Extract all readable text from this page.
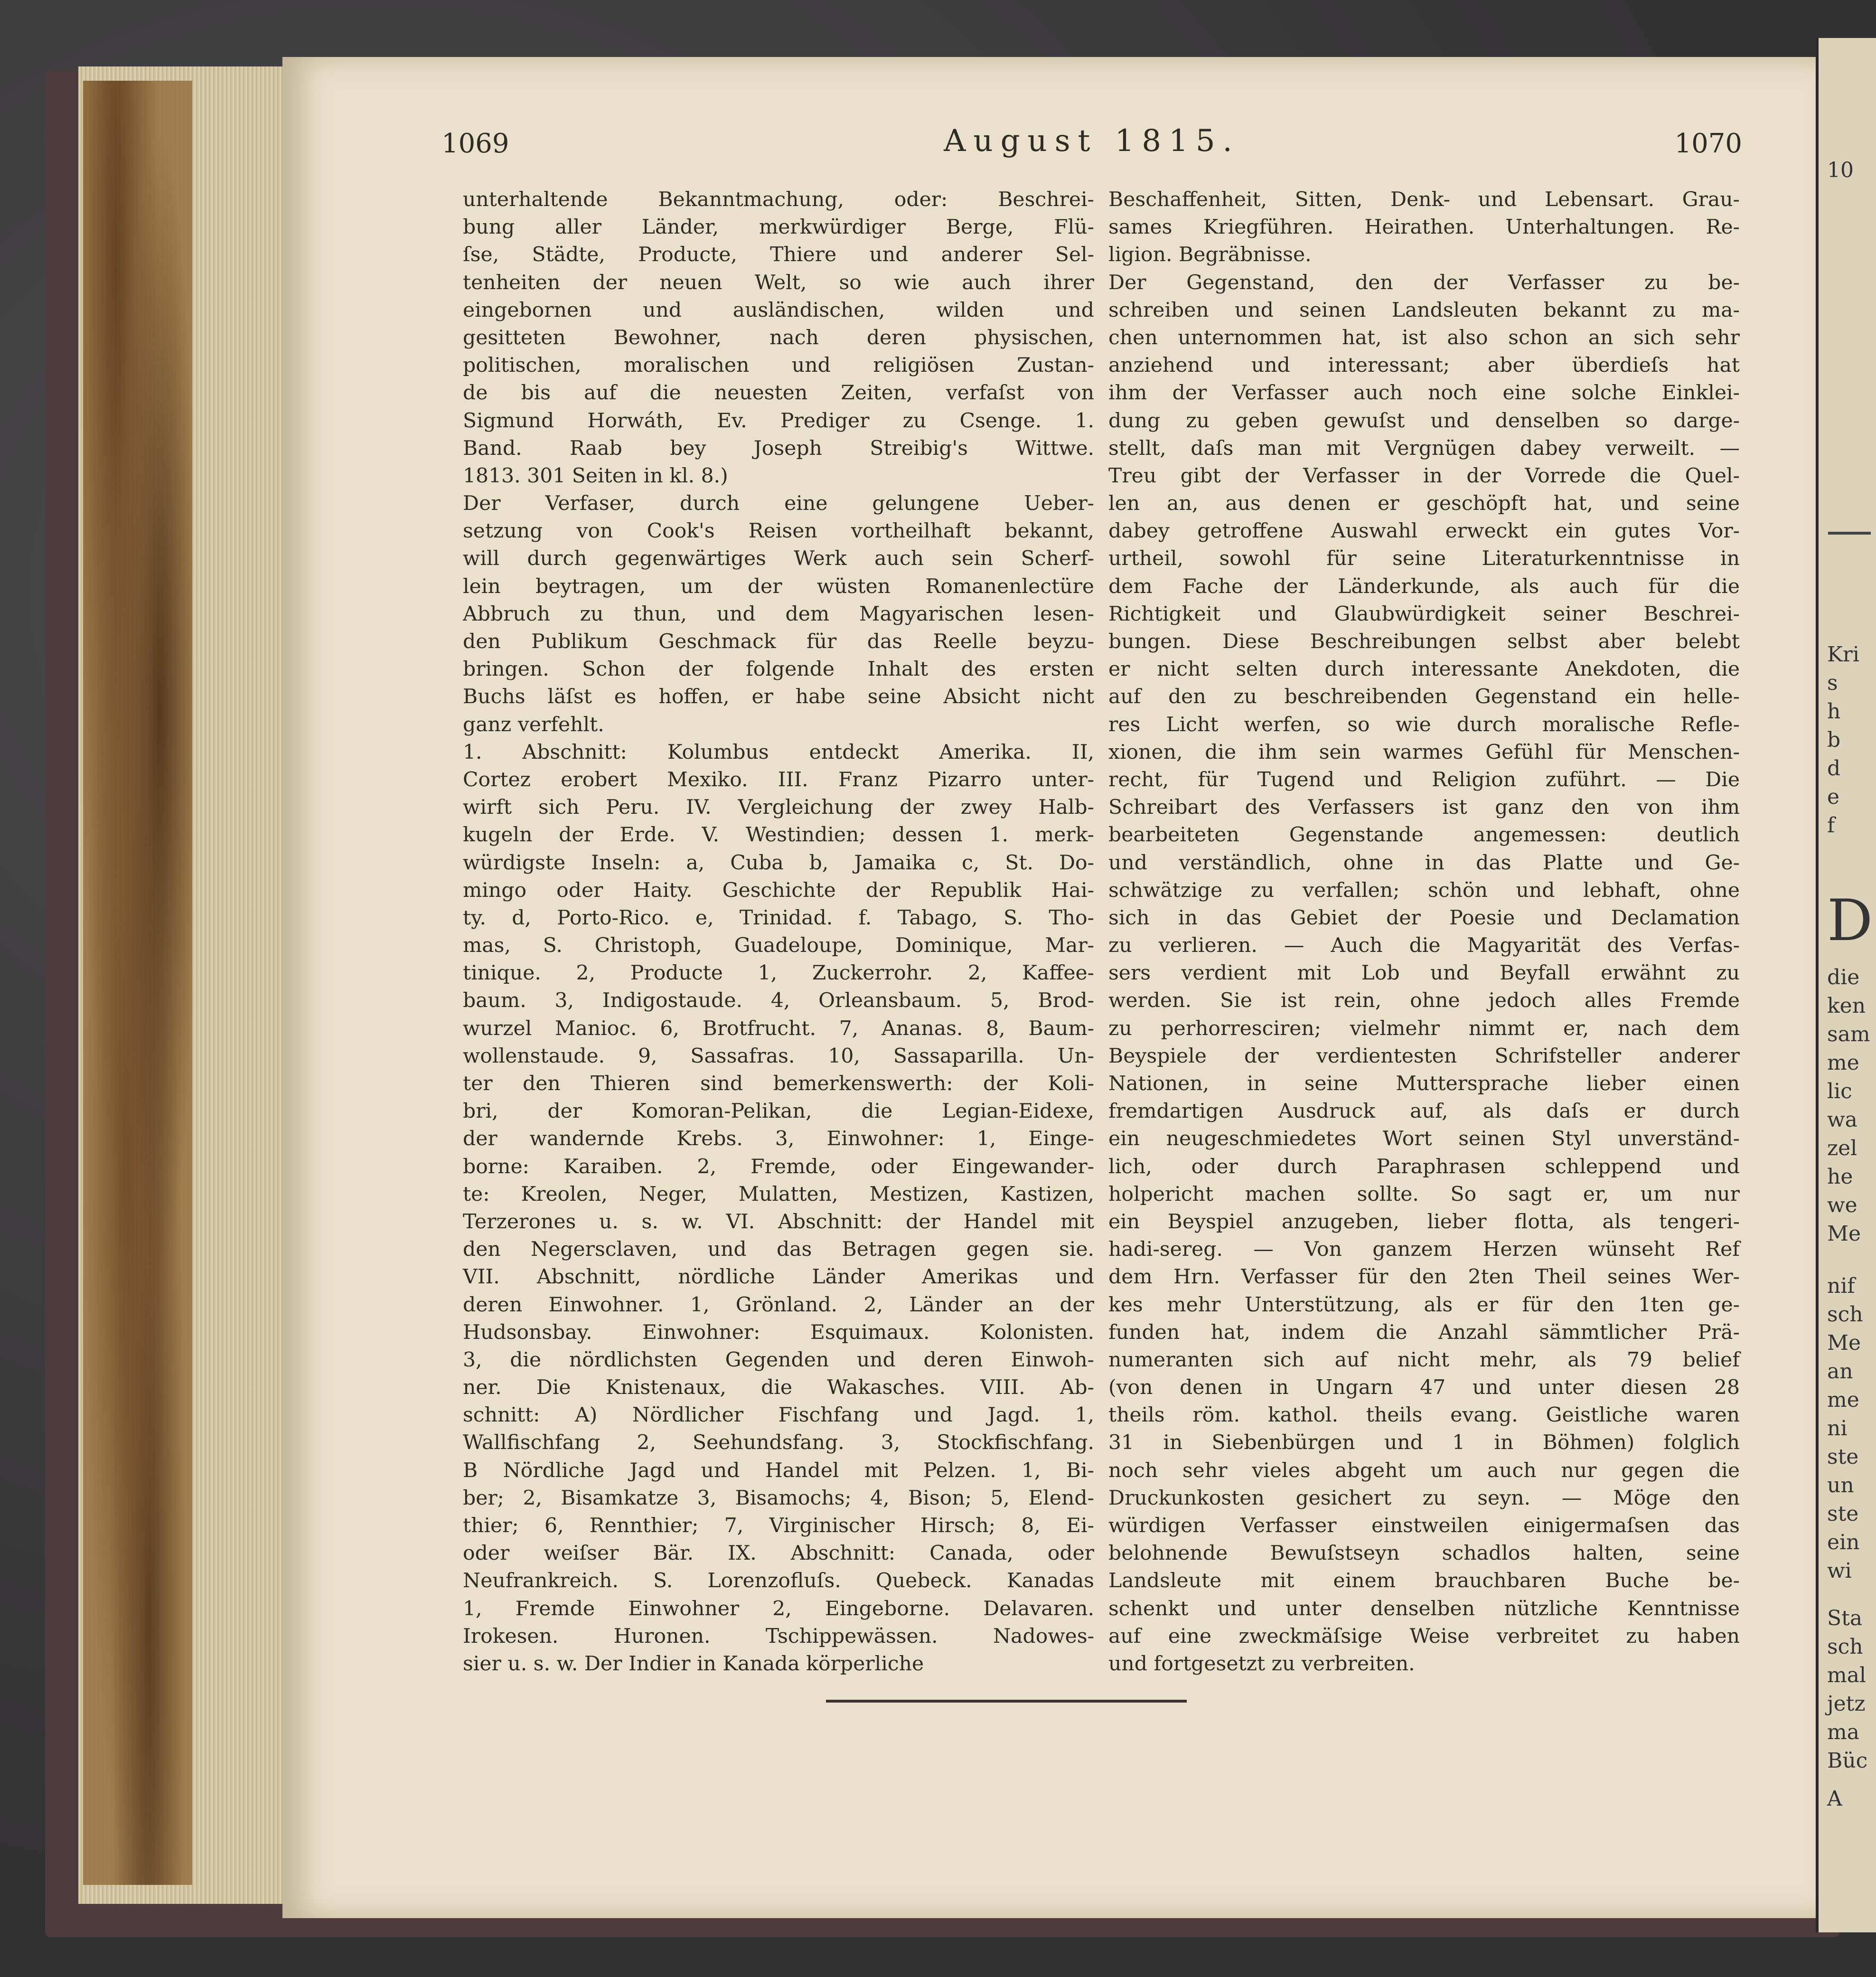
1069	August 1815.	1070
unterhaltende Bekanntmachung, oder: Beschrei-
bung aller Länder, merkwürdiger Berge, Flü-
ſse, Städte, Producte, Thiere und anderer Sel-
tenheiten der neuen Welt, so wie auch ihrer
eingebornen und ausländischen, wilden und
gesitteten Bewohner, nach deren physischen,
politischen, moralischen und religiösen Zustan-
de bis auf die neuesten Zeiten, verfaſst von
Sigmund Horwáth, Ev. Prediger zu Csenge. 1.
Band. Raab bey Joseph Streibig's Wittwe.
1813. 301 Seiten in kl. 8.)
Der Verfaser, durch eine gelungene Ueber-
setzung von Cook's Reisen vortheilhaft bekannt,
will durch gegenwärtiges Werk auch sein Scherf-
lein beytragen, um der wüsten Romanenlectüre
Abbruch zu thun, und dem Magyarischen lesen-
den Publikum Geschmack für das Reelle beyzu-
bringen. Schon der folgende Inhalt des ersten
Buchs läſst es hoffen, er habe seine Absicht nicht
ganz verfehlt.
1. Abschnitt: Kolumbus entdeckt Amerika. II,
Cortez erobert Mexiko. III. Franz Pizarro unter-
wirft sich Peru. IV. Vergleichung der zwey Halb-
kugeln der Erde. V. Westindien; dessen 1. merk-
würdigste Inseln: a, Cuba b, Jamaika c, St. Do-
mingo oder Haity. Geschichte der Republik Hai-
ty. d, Porto-Rico. e, Trinidad. f. Tabago, S. Tho-
mas, S. Christoph, Guadeloupe, Dominique, Mar-
tinique. 2, Producte 1, Zuckerrohr. 2, Kaffee-
baum. 3, Indigostaude. 4, Orleansbaum. 5, Brod-
wurzel Manioc. 6, Brotfrucht. 7, Ananas. 8, Baum-
wollenstaude. 9, Sassafras. 10, Sassaparilla. Un-
ter den Thieren sind bemerkenswerth: der Koli-
bri, der Komoran-Pelikan, die Legian-Eidexe,
der wandernde Krebs. 3, Einwohner: 1, Einge-
borne: Karaiben. 2, Fremde, oder Eingewander-
te: Kreolen, Neger, Mulatten, Mestizen, Kastizen,
Terzerones u. s. w. VI. Abschnitt: der Handel mit
den Negersclaven, und das Betragen gegen sie.
VII. Abschnitt, nördliche Länder Amerikas und
deren Einwohner. 1, Grönland. 2, Länder an der
Hudsonsbay. Einwohner: Esquimaux. Kolonisten.
3, die nördlichsten Gegenden und deren Einwoh-
ner. Die Knistenaux, die Wakasches. VIII. Ab-
schnitt: A) Nördlicher Fischfang und Jagd. 1,
Wallfischfang 2, Seehundsfang. 3, Stockfischfang.
B Nördliche Jagd und Handel mit Pelzen. 1, Bi-
ber; 2, Bisamkatze 3, Bisamochs; 4, Bison; 5, Elend-
thier; 6, Rennthier; 7, Virginischer Hirsch; 8, Ei-
oder weiſser Bär. IX. Abschnitt: Canada, oder
Neufrankreich. S. Lorenzofluſs. Quebeck. Kanadas
1, Fremde Einwohner 2, Eingeborne. Delavaren.
Irokesen. Huronen. Tschippewässen. Nadowes-
sier u. s. w. Der Indier in Kanada körperliche
Beschaffenheit, Sitten, Denk- und Lebensart. Grau-
sames Kriegführen. Heirathen. Unterhaltungen. Re-
ligion. Begräbnisse.
Der Gegenstand, den der Verfasser zu be-
schreiben und seinen Landsleuten bekannt zu ma-
chen unternommen hat, ist also schon an sich sehr
anziehend und interessant; aber überdieſs hat
ihm der Verfasser auch noch eine solche Einklei-
dung zu geben gewuſst und denselben so darge-
stellt, daſs man mit Vergnügen dabey verweilt. —
Treu gibt der Verfasser in der Vorrede die Quel-
len an, aus denen er geschöpft hat, und seine
dabey getroffene Auswahl erweckt ein gutes Vor-
urtheil, sowohl für seine Literaturkenntnisse in
dem Fache der Länderkunde, als auch für die
Richtigkeit und Glaubwürdigkeit seiner Beschrei-
bungen. Diese Beschreibungen selbst aber belebt
er nicht selten durch interessante Anekdoten, die
auf den zu beschreibenden Gegenstand ein helle-
res Licht werfen, so wie durch moralische Refle-
xionen, die ihm sein warmes Gefühl für Menschen-
recht, für Tugend und Religion zuführt. — Die
Schreibart des Verfassers ist ganz den von ihm
bearbeiteten Gegenstande angemessen: deutlich
und verständlich, ohne in das Platte und Ge-
schwätzige zu verfallen; schön und lebhaft, ohne
sich in das Gebiet der Poesie und Declamation
zu verlieren. — Auch die Magyarität des Verfas-
sers verdient mit Lob und Beyfall erwähnt zu
werden. Sie ist rein, ohne jedoch alles Fremde
zu perhorresciren; vielmehr nimmt er, nach dem
Beyspiele der verdientesten Schrifsteller anderer
Nationen, in seine Muttersprache lieber einen
fremdartigen Ausdruck auf, als daſs er durch
ein neugeschmiedetes Wort seinen Styl unverständ-
lich, oder durch Paraphrasen schleppend und
holpericht machen sollte. So sagt er, um nur
ein Beyspiel anzugeben, lieber flotta, als tengeri-
hadi-sereg. — Von ganzem Herzen wünseht Ref
dem Hrn. Verfasser für den 2ten Theil seines Wer-
kes mehr Unterstützung, als er für den 1ten ge-
funden hat, indem die Anzahl sämmtlicher Prä-
numeranten sich auf nicht mehr, als 79 belief
(von denen in Ungarn 47 und unter diesen 28
theils röm. kathol. theils evang. Geistliche waren
31 in Siebenbürgen und 1 in Böhmen) folglich
noch sehr vieles abgeht um auch nur gegen die
Druckunkosten gesichert zu seyn. — Möge den
würdigen Verfasser einstweilen einigermaſsen das
belohnende Bewuſstseyn schadlos halten, seine
Landsleute mit einem brauchbaren Buche be-
schenkt und unter denselben nützliche Kenntnisse
auf eine zweckmäſsige Weise verbreitet zu haben
und fortgesetzt zu verbreiten.
10
Kri
s
h
b
d
e
f
D
die
ken
sam
me
lic
wa
zel
he
we
Me
nif
sch
Me
an
me
ni
ste
un
ste
ein
wi
Sta
sch
mal
jetz
ma
Büc
A
